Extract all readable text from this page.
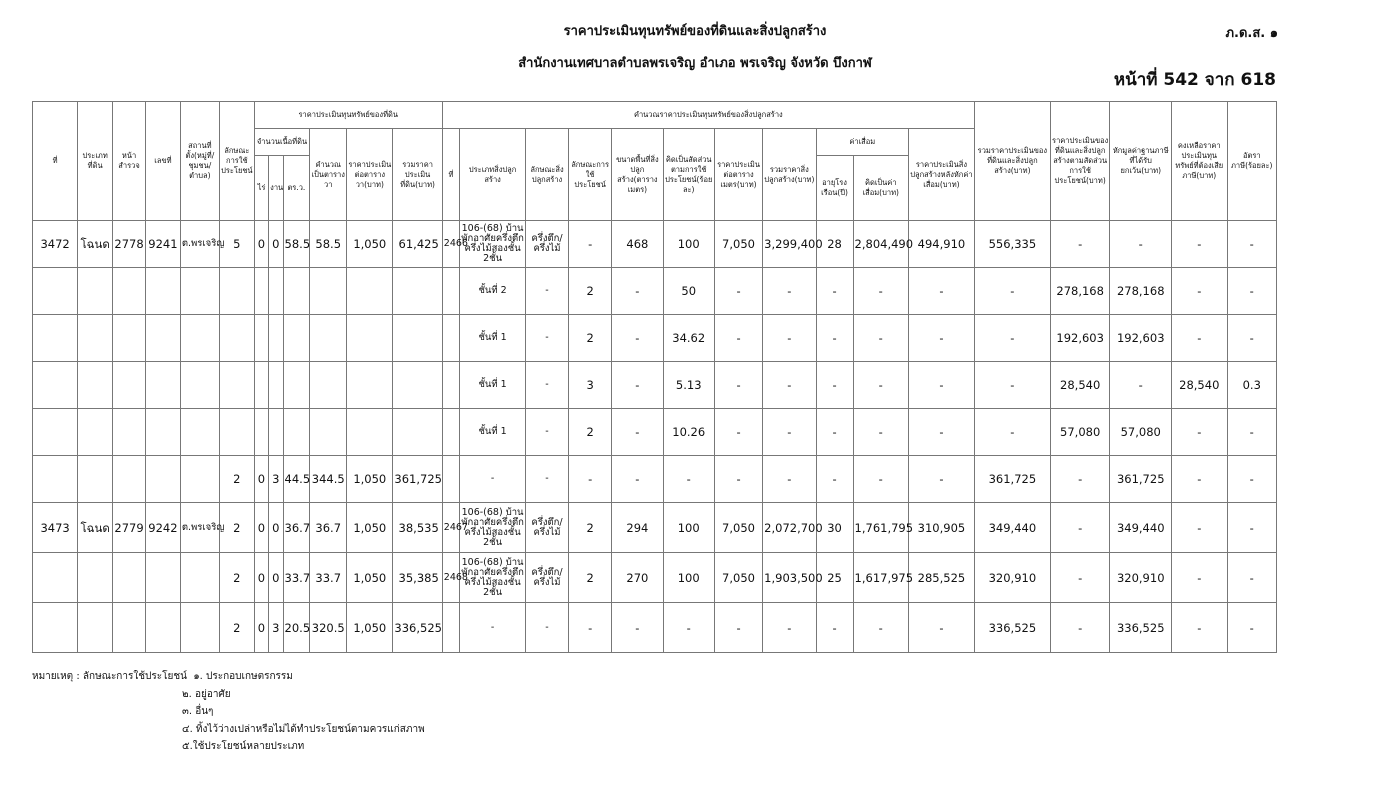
ราคาประเมินทุนทรัพย์ของที่ดินและสิ่งปลูกสร้าง
สำนักงานเทศบาลตำบลพรเจริญ อำเภอ พรเจริญ จังหวัด บึงกาฬ
ภ.ด.ส. ๑
หน้าที่ 542 จาก 618
ที่	ประเภทที่ดิน	หน้าสำรวจ	เลขที่	สถานที่ตั้ง(หมู่ที่/ชุมชน/ตำบล)	ลักษณะการใช้ประโยชน์	ราคาประเมินทุนทรัพย์ของที่ดิน						คำนวณราคาประเมินทุนทรัพย์ของสิ่งปลูกสร้าง											รวมราคาประเมินของที่ดินและสิ่งปลูกสร้าง(บาท)	ราคาประเมินของที่ดินและสิ่งปลูกสร้างตามสัดส่วนการใช้ประโยชน์(บาท)	หักมูลค่าฐานภาษีที่ได้รับยกเว้น(บาท)	คงเหลือราคาประเมินทุนทรัพย์ที่ต้องเสียภาษี(บาท)	อัตราภาษี(ร้อยละ)
						จำนวนเนื้อที่ดิน			คำนวณเป็นตารางวา	ราคาประเมินต่อตารางวา(บาท)	รวมราคาประเมินที่ดิน(บาท)	ที่	ประเภทสิ่งปลูกสร้าง	ลักษณะสิ่งปลูกสร้าง	ลักษณะการใช้ประโยชน์	ขนาดพื้นที่สิ่งปลูกสร้าง(ตารางเมตร)	คิดเป็นสัดส่วนตามการใช้ประโยชน์(ร้อยละ)	ราคาประเมินต่อตารางเมตร(บาท)	รวมราคาสิ่งปลูกสร้าง(บาท)	ค่าเสื่อม		ราคาประเมินสิ่งปลูกสร้างหลังหักค่าเสื่อม(บาท)					
						ไร่	งาน	ตร.ว.												อายุโรงเรือน(ปี)	คิดเป็นค่าเสื่อม(บาท)						
3472	โฉนด	2778	9241	ต.พรเจริญ	5	0	0	58.5	58.5	1,050	61,425	2466	106-(68) บ้านพักอาศัยครึ่งตึกครึ่งไม้สองชั้น 2ชั้น	ครึ่งตึก/ครึ่งไม้	-	468	100	7,050	3,299,400	28	2,804,490	494,910	556,335	-	-	-	-
													ชั้นที่ 2	-	2	-	50	-	-	-	-	-	-	278,168	278,168	-	-
													ชั้นที่ 1	-	2	-	34.62	-	-	-	-	-	-	192,603	192,603	-	-
													ชั้นที่ 1	-	3	-	5.13	-	-	-	-	-	-	28,540	-	28,540	0.3
													ชั้นที่ 1	-	2	-	10.26	-	-	-	-	-	-	57,080	57,080	-	-
					2	0	3	44.5	344.5	1,050	361,725		-	-	-	-	-	-	-	-	-	-	361,725	-	361,725	-	-
3473	โฉนด	2779	9242	ต.พรเจริญ	2	0	0	36.7	36.7	1,050	38,535	2467	106-(68) บ้านพักอาศัยครึ่งตึกครึ่งไม้สองชั้น 2ชั้น	ครึ่งตึก/ครึ่งไม้	2	294	100	7,050	2,072,700	30	1,761,795	310,905	349,440	-	349,440	-	-
					2	0	0	33.7	33.7	1,050	35,385	2468	106-(68) บ้านพักอาศัยครึ่งตึกครึ่งไม้สองชั้น 2ชั้น	ครึ่งตึก/ครึ่งไม้	2	270	100	7,050	1,903,500	25	1,617,975	285,525	320,910	-	320,910	-	-
					2	0	3	20.5	320.5	1,050	336,525		-	-	-	-	-	-	-	-	-	-	336,525	-	336,525	-	-
หมายเหตุ : ลักษณะการใช้ประโยชน์ ๑. ประกอบเกษตรกรรม
๒. อยู่อาศัย
๓. อื่นๆ
๔. ทิ้งไว้ว่างเปล่าหรือไม่ได้ทำประโยชน์ตามควรแก่สภาพ
๕.ใช้ประโยชน์หลายประเภท
